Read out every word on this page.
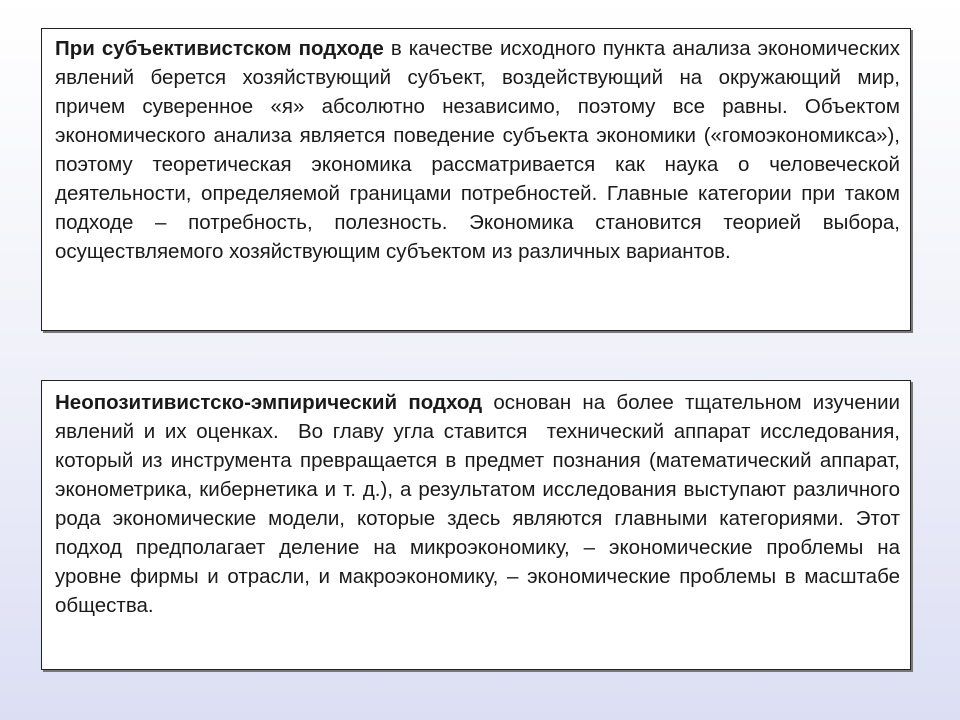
При субъективистском подходе в качестве исходного пункта анализа экономических явлений берется хозяйствующий субъект, воздействующий на окружающий мир, причем суверенное «я» абсолютно независимо, поэтому все равны. Объектом экономического анализа является поведение субъекта экономики («гомоэкономикса»), поэтому теоретическая экономика рассматривается как наука о человеческой деятельности, определяемой границами потребностей. Главные категории при таком подходе – потребность, полезность. Экономика становится теорией выбора, осуществляемого хозяйствующим субъектом из различных вариантов.

Неопозитивистско-эмпирический подход основан на более тщательном изучении явлений и их оценках.  Во главу угла ставится  технический аппарат исследования, который из инструмента превращается в предмет познания (математический аппарат, эконометрика, кибернетика и т. д.), а результатом исследования выступают различного рода экономические модели, которые здесь являются главными категориями. Этот подход предполагает деление на микроэкономику, – экономические проблемы на уровне фирмы и отрасли, и макроэкономику, – экономические проблемы в масштабе общества.
